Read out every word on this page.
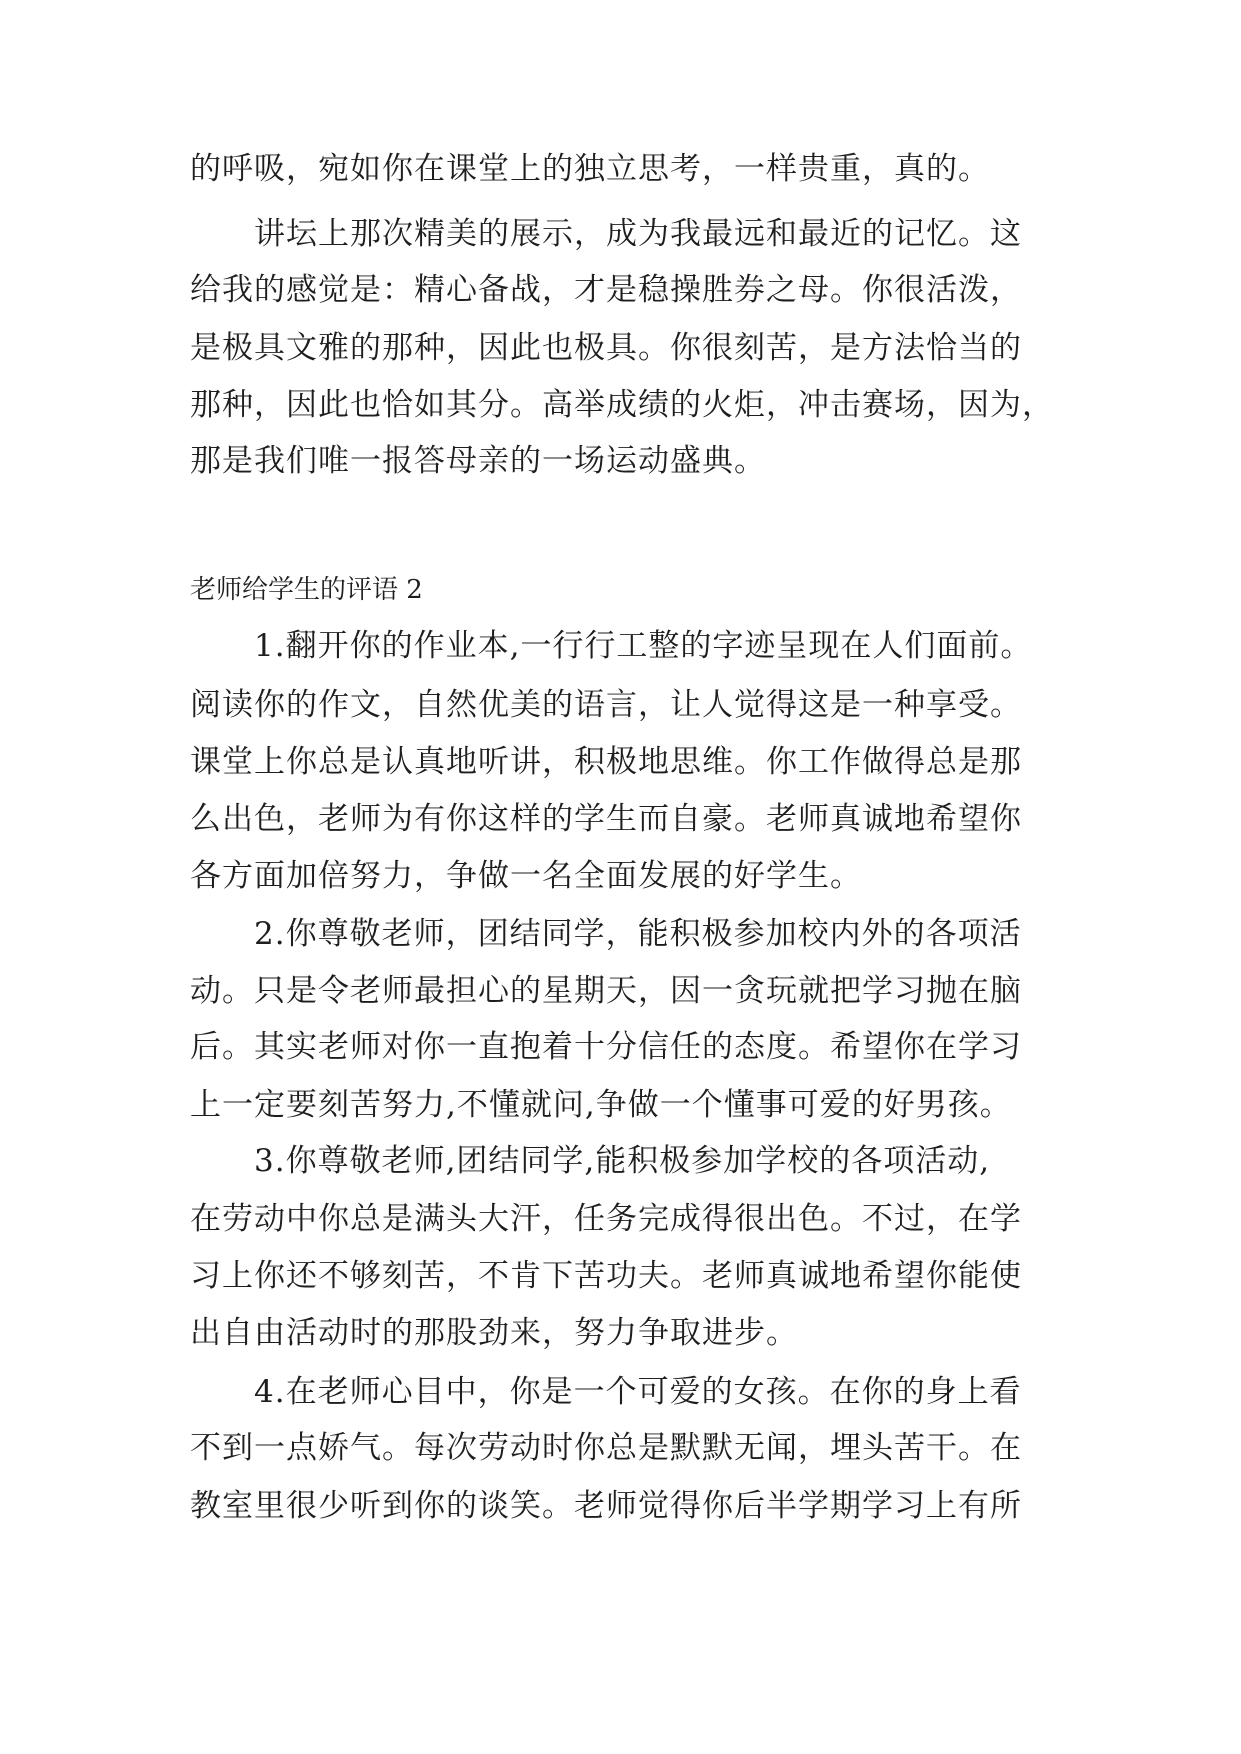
的呼吸，宛如你在课堂上的独立思考，一样贵重，真的。
　　讲坛上那次精美的展示，成为我最远和最近的记忆。这
给我的感觉是：精心备战，才是稳操胜券之母。你很活泼，
是极具文雅的那种，因此也极具。你很刻苦，是方法恰当的
那种，因此也恰如其分。高举成绩的火炬，冲击赛场，因为，
那是我们唯一报答母亲的一场运动盛典。
老师给学生的评语 2
　　1.翻开你的作业本,一行行工整的字迹呈现在人们面前。
阅读你的作文，自然优美的语言，让人觉得这是一种享受。
课堂上你总是认真地听讲，积极地思维。你工作做得总是那
么出色，老师为有你这样的学生而自豪。老师真诚地希望你
各方面加倍努力，争做一名全面发展的好学生。
　　2.你尊敬老师，团结同学，能积极参加校内外的各项活
动。只是令老师最担心的星期天，因一贪玩就把学习抛在脑
后。其实老师对你一直抱着十分信任的态度。希望你在学习
上一定要刻苦努力,不懂就问,争做一个懂事可爱的好男孩。
　　3.你尊敬老师,团结同学,能积极参加学校的各项活动,
在劳动中你总是满头大汗，任务完成得很出色。不过，在学
习上你还不够刻苦，不肯下苦功夫。老师真诚地希望你能使
出自由活动时的那股劲来，努力争取进步。
　　4.在老师心目中，你是一个可爱的女孩。在你的身上看
不到一点娇气。每次劳动时你总是默默无闻，埋头苦干。在
教室里很少听到你的谈笑。老师觉得你后半学期学习上有所
